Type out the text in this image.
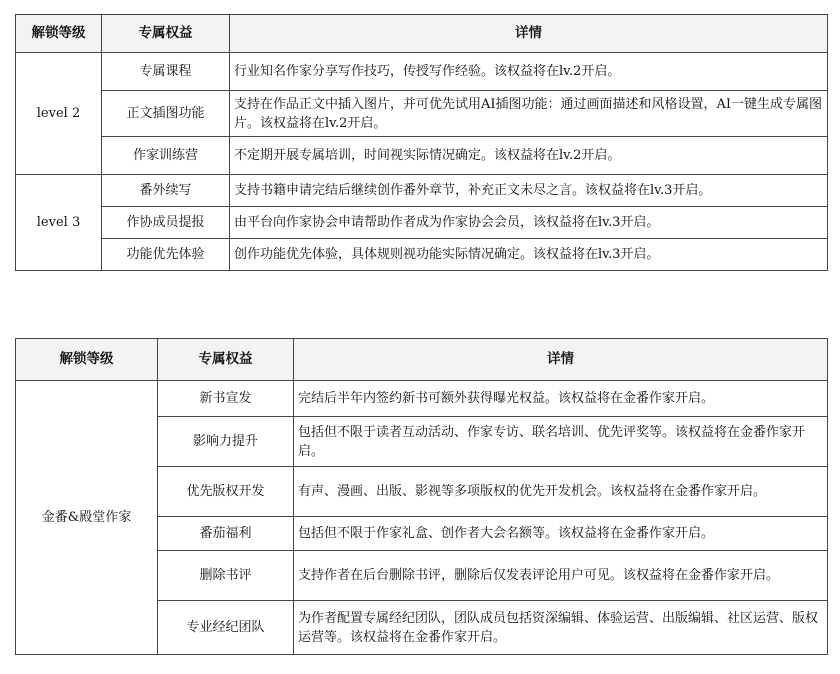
解锁等级	专属权益	详情
level 2	专属课程	行业知名作家分享写作技巧，传授写作经验。该权益将在lv.2开启。
	正文插图功能	支持在作品正文中插入图片，并可优先试用AI插图功能：通过画面描述和风格设置，AI一键生成专属图片。该权益将在lv.2开启。
	作家训练营	不定期开展专属培训，时间视实际情况确定。该权益将在lv.2开启。
level 3	番外续写	支持书籍申请完结后继续创作番外章节，补充正文未尽之言。该权益将在lv.3开启。
	作协成员提报	由平台向作家协会申请帮助作者成为作家协会会员，该权益将在lv.3开启。
	功能优先体验	创作功能优先体验，具体规则视功能实际情况确定。该权益将在lv.3开启。
解锁等级	专属权益	详情
金番&殿堂作家	新书宣发	完结后半年内签约新书可额外获得曝光权益。该权益将在金番作家开启。
	影响力提升	包括但不限于读者互动活动、作家专访、联名培训、优先评奖等。该权益将在金番作家开启。
	优先版权开发	有声、漫画、出版、影视等多项版权的优先开发机会。该权益将在金番作家开启。
	番茄福利	包括但不限于作家礼盒、创作者大会名额等。该权益将在金番作家开启。
	删除书评	支持作者在后台删除书评，删除后仅发表评论用户可见。该权益将在金番作家开启。
	专业经纪团队	为作者配置专属经纪团队，团队成员包括资深编辑、体验运营、出版编辑、社区运营、版权运营等。该权益将在金番作家开启。
